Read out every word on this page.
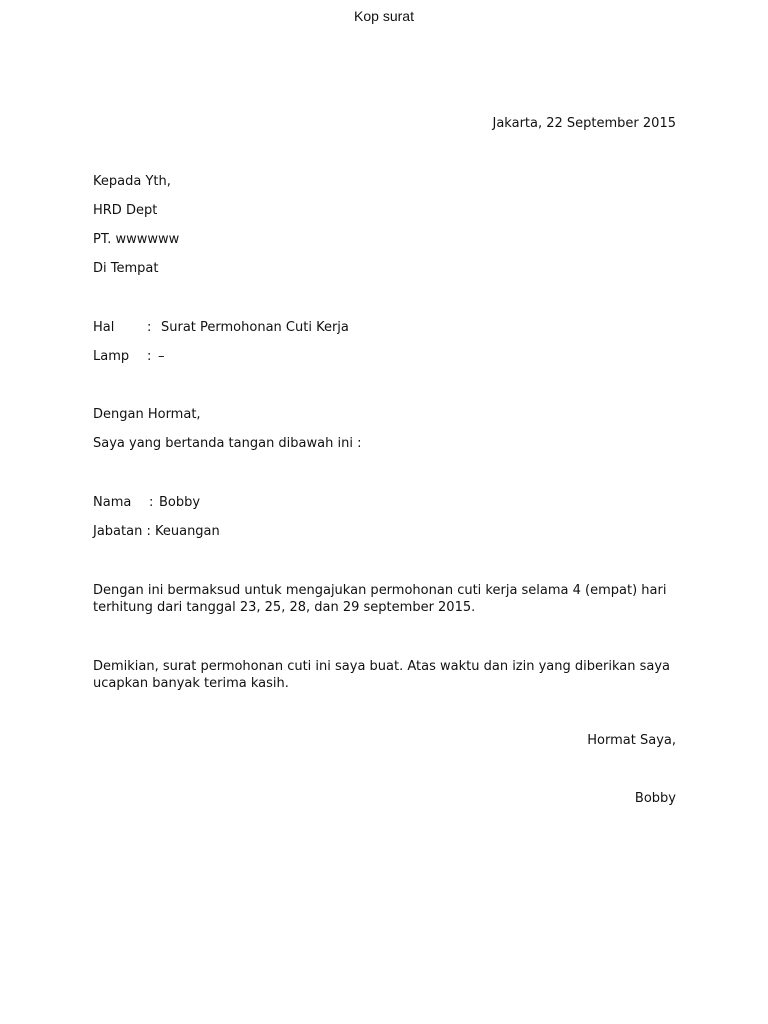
Kop surat
Jakarta, 22 September 2015
Kepada Yth,
HRD Dept
PT. wwwwww
Di Tempat
Hal	: Surat Permohonan Cuti Kerja
Lamp : –
Dengan Hormat,
Saya yang bertanda tangan dibawah ini :
Nama : Bobby
Jabatan : Keuangan
Dengan ini bermaksud untuk mengajukan permohonan cuti kerja selama 4 (empat) hari terhitung dari tanggal 23, 25, 28, dan 29 september 2015.
Demikian, surat permohonan cuti ini saya buat. Atas waktu dan izin yang diberikan saya ucapkan banyak terima kasih.
Hormat Saya,
Bobby
